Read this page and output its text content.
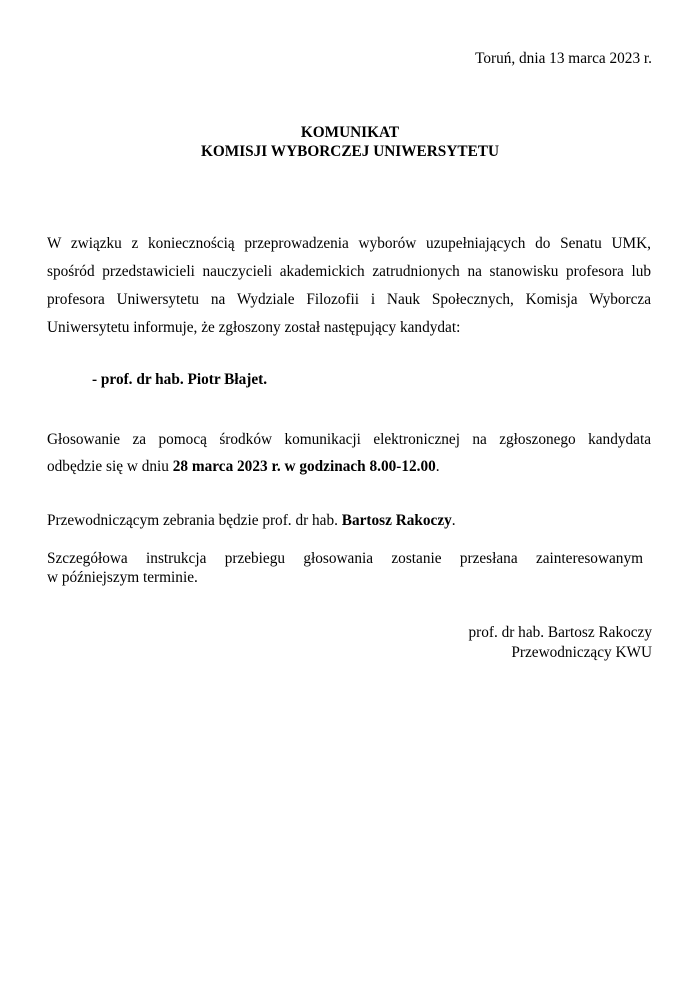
Toruń, dnia 13 marca 2023 r.
KOMUNIKAT
KOMISJI WYBORCZEJ UNIWERSYTETU
W związku z koniecznością przeprowadzenia wyborów uzupełniających do Senatu UMK,
spośród przedstawicieli nauczycieli akademickich zatrudnionych na stanowisku profesora lub
profesora Uniwersytetu na Wydziale Filozofii i Nauk Społecznych, Komisja Wyborcza
Uniwersytetu informuje, że zgłoszony został następujący kandydat:
- prof. dr hab. Piotr Błajet.
Głosowanie za pomocą środków komunikacji elektronicznej na zgłoszonego kandydata
odbędzie się w dniu 28 marca 2023 r. w godzinach 8.00-12.00.
Przewodniczącym zebrania będzie prof. dr hab. Bartosz Rakoczy.
Szczegółowa instrukcja przebiegu głosowania zostanie przesłana zainteresowanym
w późniejszym terminie.
prof. dr hab. Bartosz Rakoczy
Przewodniczący KWU
